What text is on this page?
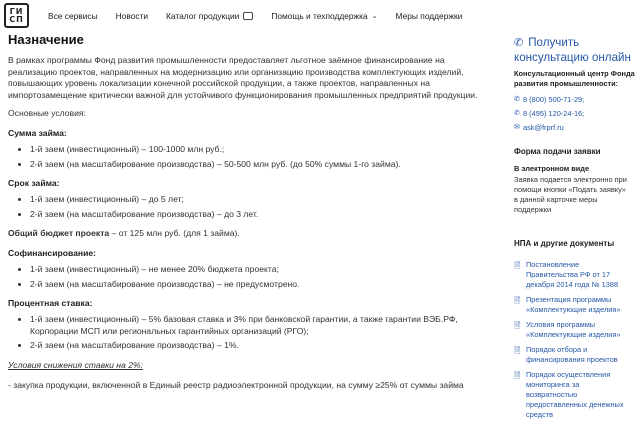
ГИ
СП	Все сервисы Новости Каталог продукции	Помощь и техподдержка ⌄ Меры поддержки
Назначение

В рамках программы Фонд развития промышленности предоставляет льготное заёмное финансирование на реализацию проектов, направленных на модернизацию или организацию производства комплектующих изделий, повышающих уровень локализации конечной российской продукции, а также проектов, направленных на импортозамещение критически важной для устойчивого функционирования промышленных предприятий продукции.

Основные условия:

Сумма займа:
• 1-й заем (инвестиционный) – 100-1000 млн руб.;
• 2-й заем (на масштабирование производства) – 50-500 млн руб. (до 50% суммы 1-го займа).
Срок займа:
• 1-й заем (инвестиционный) – до 5 лет;
• 2-й заем (на масштабирование производства) – до 3 лет.
Общий бюджет проекта – от 125 млн руб. (для 1 займа).
Софинансирование:
• 1-й заем (инвестиционный) – не менее 20% бюджета проекта;
• 2-й заем (на масштабирование производства) – не предусмотрено.
Процентная ставка:
• 1-й заем (инвестиционный) – 5% базовая ставка и 3% при банковской гарантии, а также гарантии ВЭБ.РФ, Корпорации МСП или региональных гарантийных организаций (РГО);
• 2-й заем (на масштабирование производства) – 1%.
Условия снижения ставки на 2%:

- закупка продукции, включенной в Единый реестр радиоэлектронной продукции, на сумму ≥25% от суммы займа

✆ Получить
консультацию онлайн
Консультационный центр Фонда
развития промышленности:
✆ 8 (800) 500-71-29;
✆ 8 (495) 120-24-16;
✉ ask@frprf.ru
Форма подачи заявки
В электронном виде
Заявка подается электронно при
помощи кнопки «Подать заявку»
в данной карточке меры
поддержки
НПА и другие документы
🗎 Постановление
Правительства РФ от 17
декабря 2014 года № 1388
🗎 Презентация программы
«Комплектующие изделия»
🗎 Условия программы
«Комплектующие изделия»
🗎 Порядок отбора и
финансирования проектов
🗎 Порядок осуществления
мониторинга за
возвратностью
предоставленных денежных
средств
